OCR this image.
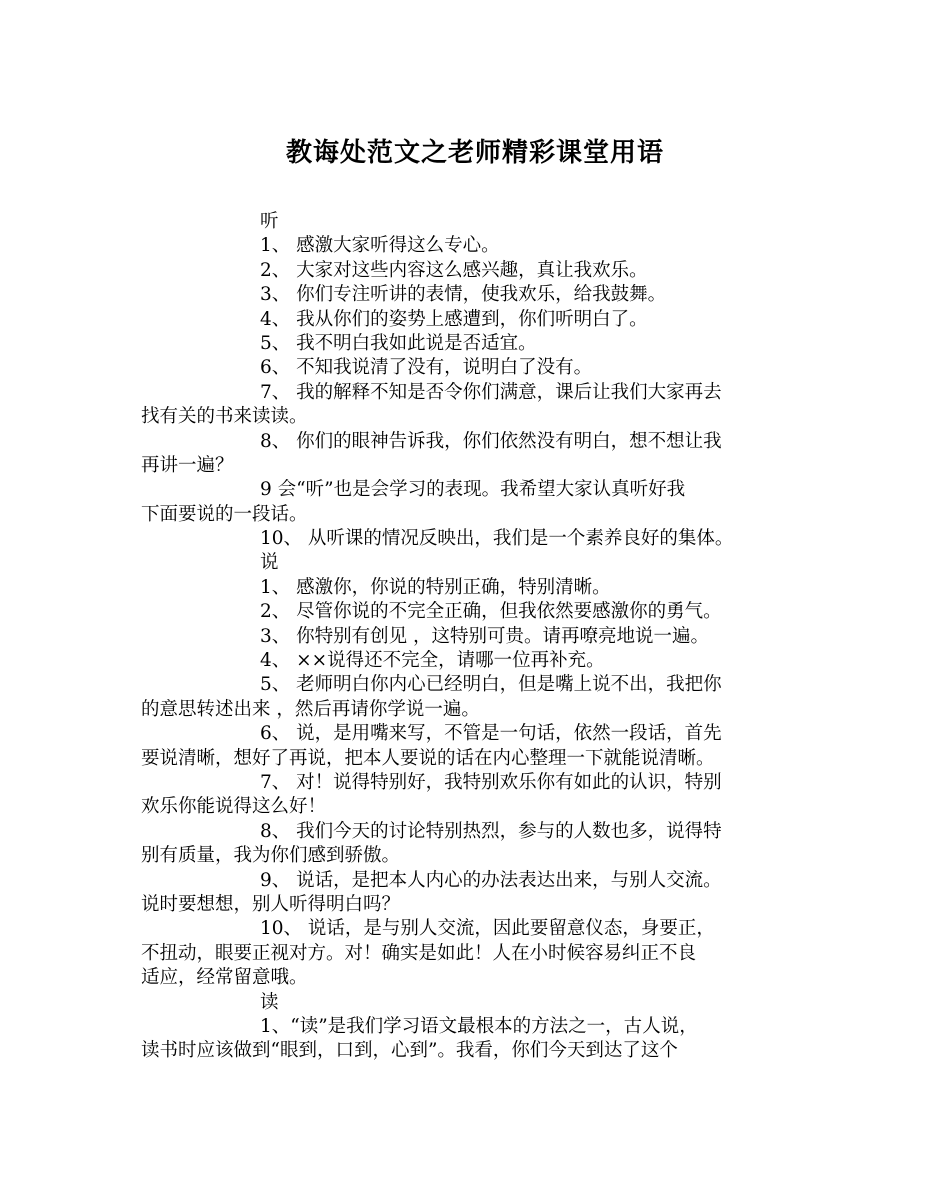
教诲处范文之老师精彩课堂用语
听
1、 感激大家听得这么专心。
2、 大家对这些内容这么感兴趣，真让我欢乐。
3、 你们专注听讲的表情，使我欢乐，给我鼓舞。
4、 我从你们的姿势上感遭到，你们听明白了。
5、 我不明白我如此说是否适宜。
6、 不知我说清了没有，说明白了没有。
7、 我的解释不知是否令你们满意，课后让我们大家再去
找有关的书来读读。
8、 你们的眼神告诉我，你们依然没有明白，想不想让我
再讲一遍？
9 会“听”也是会学习的表现。我希望大家认真听好我
下面要说的一段话。
10、 从听课的情况反映出，我们是一个素养良好的集体。
说
1、 感激你，你说的特别正确，特别清晰。
2、 尽管你说的不完全正确，但我依然要感激你的勇气。
3、 你特别有创见 ，这特别可贵。请再嘹亮地说一遍。
4、 ××说得还不完全，请哪一位再补充。
5、 老师明白你内心已经明白，但是嘴上说不出，我把你
的意思转述出来 ，然后再请你学说一遍。
6、 说，是用嘴来写，不管是一句话，依然一段话，首先
要说清晰，想好了再说，把本人要说的话在内心整理一下就能说清晰。
7、 对！说得特别好，我特别欢乐你有如此的认识，特别
欢乐你能说得这么好！
8、 我们今天的讨论特别热烈，参与的人数也多，说得特
别有质量，我为你们感到骄傲。
9、 说话，是把本人内心的办法表达出来，与别人交流。
说时要想想，别人听得明白吗？
10、 说话，是与别人交流，因此要留意仪态，身要正，
不扭动，眼要正视对方。对！确实是如此！人在小时候容易纠正不良
适应，经常留意哦。
读
1、“读”是我们学习语文最根本的方法之一，古人说，
读书时应该做到“眼到，口到，心到”。我看，你们今天到达了这个
